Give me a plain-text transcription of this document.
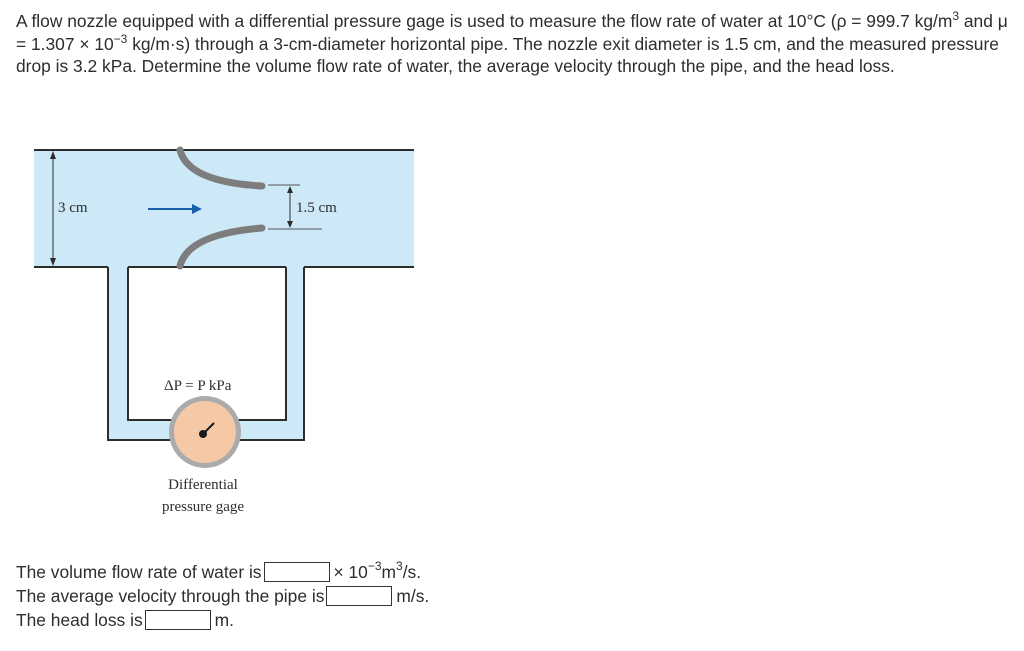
A flow nozzle equipped with a differential pressure gage is used to measure the flow rate of water at 10°C (ρ = 999.7 $kg/m^3$ and $\mu = 1.307 \times 10^{-3}$ kg/m·s) through a 3-cm-diameter horizontal pipe. The nozzle exit diameter is 1.5 cm, and the measured pressure drop is 3.2 kPa. Determine the volume flow rate of water, the average velocity through the pipe, and the head loss.

3 cm	1.5 cm
ΔP = P kPa
Differential
pressure gage
The volume flow rate of water is	× $10^{-3}$ $m^3$ /s.
The average velocity through the pipe is	m/s.
The head loss is	m.
